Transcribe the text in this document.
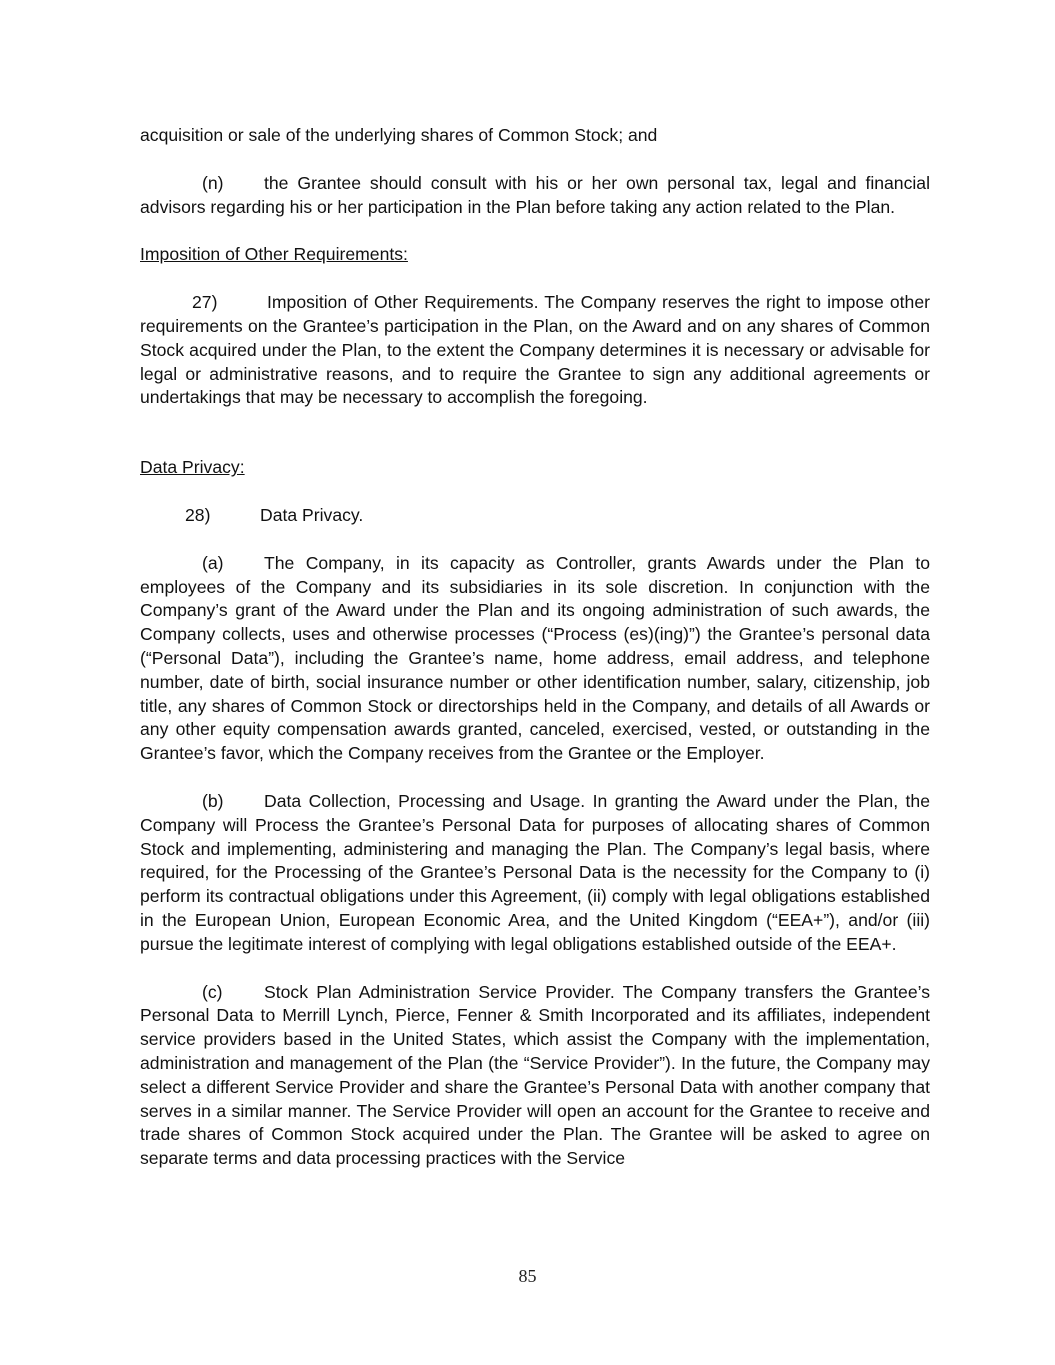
acquisition or sale of the underlying shares of Common Stock; and

(n) the Grantee should consult with his or her own personal tax, legal and financial advisors regarding his or her participation in the Plan before taking any action related to the Plan.

Imposition of Other Requirements:

27)	Imposition of Other Requirements. The Company reserves the right to impose other requirements on the Grantee’s participation in the Plan, on the Award and on any shares of Common Stock acquired under the Plan, to the extent the Company determines it is necessary or advisable for legal or administrative reasons, and to require the Grantee to sign any additional agreements or undertakings that may be necessary to accomplish the foregoing.

Data Privacy:

28)	Data Privacy.

(a) The Company, in its capacity as Controller, grants Awards under the Plan to employees of the Company and its subsidiaries in its sole discretion. In conjunction with the Company’s grant of the Award under the Plan and its ongoing administration of such awards, the Company collects, uses and otherwise processes (“Process (es)(ing)”) the Grantee’s personal data (“Personal Data”), including the Grantee’s name, home address, email address, and telephone number, date of birth, social insurance number or other identification number, salary, citizenship, job title, any shares of Common Stock or directorships held in the Company, and details of all Awards or any other equity compensation awards granted, canceled, exercised, vested, or outstanding in the Grantee’s favor, which the Company receives from the Grantee or the Employer.

(b) Data Collection, Processing and Usage. In granting the Award under the Plan, the Company will Process the Grantee’s Personal Data for purposes of allocating shares of Common Stock and implementing, administering and managing the Plan. The Company’s legal basis, where required, for the Processing of the Grantee’s Personal Data is the necessity for the Company to (i) perform its contractual obligations under this Agreement, (ii) comply with legal obligations established in the European Union, European Economic Area, and the United Kingdom (“EEA+”), and/or (iii) pursue the legitimate interest of complying with legal obligations established outside of the EEA+.

(c) Stock Plan Administration Service Provider. The Company transfers the Grantee’s Personal Data to Merrill Lynch, Pierce, Fenner & Smith Incorporated and its affiliates, independent service providers based in the United States, which assist the Company with the implementation, administration and management of the Plan (the “Service Provider”). In the future, the Company may select a different Service Provider and share the Grantee’s Personal Data with another company that serves in a similar manner. The Service Provider will open an account for the Grantee to receive and trade shares of Common Stock acquired under the Plan. The Grantee will be asked to agree on separate terms and data processing practices with the Service

85
